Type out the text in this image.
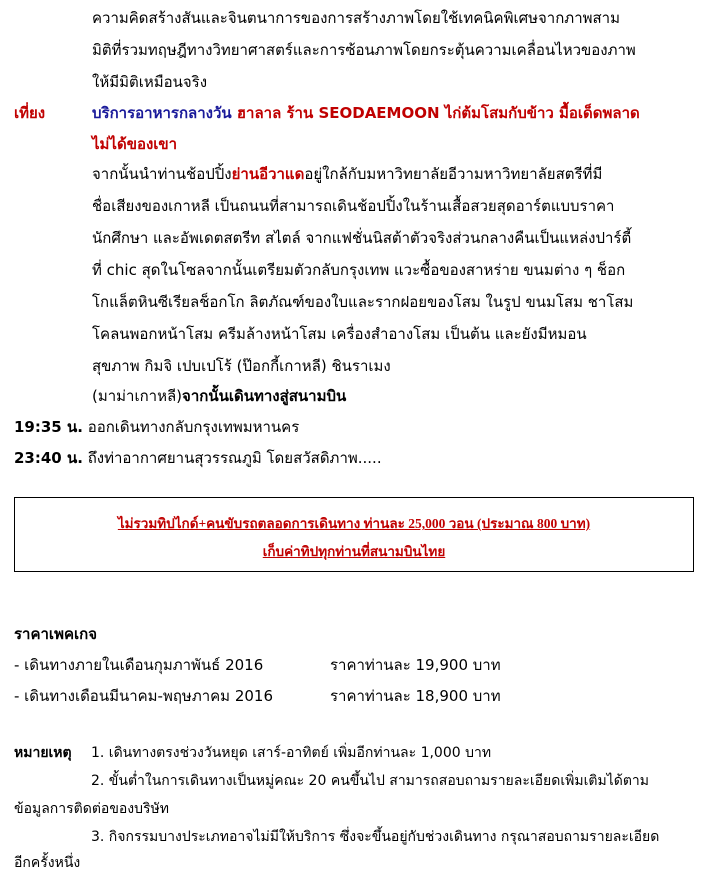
ความคิดสร้างสันและจินตนาการของการสร้างภาพโดยใช้เทคนิคพิเศษจากภาพสาม
มิติที่รวมทฤษฎีทางวิทยาศาสตร์และการซ้อนภาพโดยกระตุ้นความเคลื่อนไหวของภาพ
ให้มีมิติเหมือนจริง
เที่ยง	บริการอาหารกลางวัน ฮาลาล ร้าน SEODAEMOON ไก่ต้มโสมกับข้าว มื้อเด็ดพลาด
ไม่ได้ของเขา
จากนั้นนำท่านช้อปปิ้งย่านอีวาแดอยู่ใกล้กับมหาวิทยาลัยอีวามหาวิทยาลัยสตรีที่มี
ชื่อเสียงของเกาหลี เป็นถนนที่สามารถเดินช้อปปิ้งในร้านเสื้อสวยสุดอาร์ตแบบราคา
นักศึกษา และอัพเดตสตรีท สไตล์ จากแฟชั่นนิสต้าตัวจริงส่วนกลางคืนเป็นแหล่งปาร์ตี้
ที่ chic สุดในโซลจากนั้นเตรียมตัวกลับกรุงเทพ แวะซื้อของสาหร่าย ขนมต่าง ๆ ช็อก
โกแล็ตหินซีเรียลช็อกโก ลิตภัณฑ์ของใบและรากฝอยของโสม ในรูป ขนมโสม ชาโสม
โคลนพอกหน้าโสม ครีมล้างหน้าโสม เครื่องสำอางโสม เป็นต้น และยังมีหมอน
สุขภาพ กิมจิ เปบเปโร้ (ป๊อกกี้เกาหลี) ชินราเมง
(มาม่าเกาหลี)จากนั้นเดินทางสู่สนามบิน
19:35 น. ออกเดินทางกลับกรุงเทพมหานคร
23:40 น. ถึงท่าอากาศยานสุวรรณภูมิ โดยสวัสดิภาพ.....
ไม่รวมทิปไกด์+คนขับรถตลอดการเดินทาง ท่านละ 25,000 วอน (ประมาณ 800 บาท)
เก็บค่าทิปทุกท่านที่สนามบินไทย
ราคาเพคเกจ
- เดินทางภายในเดือนกุมภาพันธ์ 2016	ราคาท่านละ 19,900 บาท
- เดินทางเดือนมีนาคม-พฤษภาคม 2016	ราคาท่านละ 18,900 บาท
หมายเหตุ 1. เดินทางตรงช่วงวันหยุด เสาร์-อาทิตย์ เพิ่มอีกท่านละ 1,000 บาท
2. ขั้นต่ำในการเดินทางเป็นหมู่คณะ 20 คนขึ้นไป สามารถสอบถามรายละเอียดเพิ่มเติมได้ตาม
ข้อมูลการติดต่อของบริษัท
3. กิจกรรมบางประเภทอาจไม่มีให้บริการ ซึ่งจะขึ้นอยู่กับช่วงเดินทาง กรุณาสอบถามรายละเอียด
อีกครั้งหนึ่ง
